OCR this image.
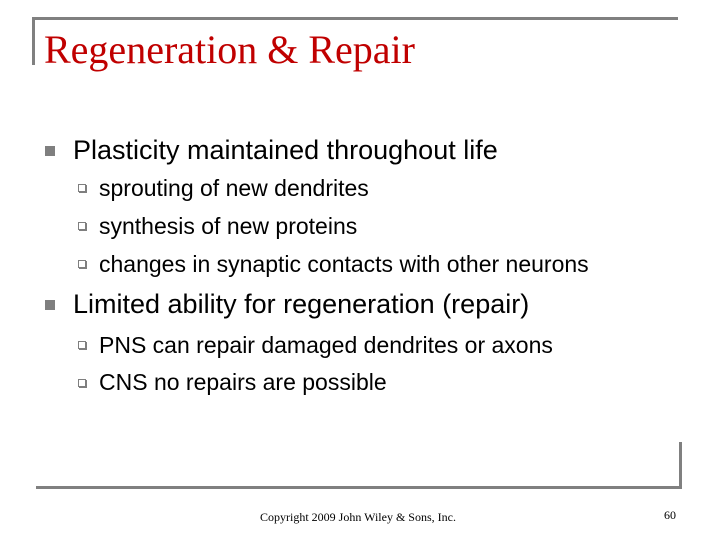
Regeneration & Repair
Plasticity maintained throughout life
sprouting of new dendrites
synthesis of new proteins
changes in synaptic contacts with other neurons
Limited ability for regeneration (repair)
PNS can repair damaged dendrites or axons
CNS no repairs are possible
Copyright 2009 John Wiley & Sons, Inc.	60
